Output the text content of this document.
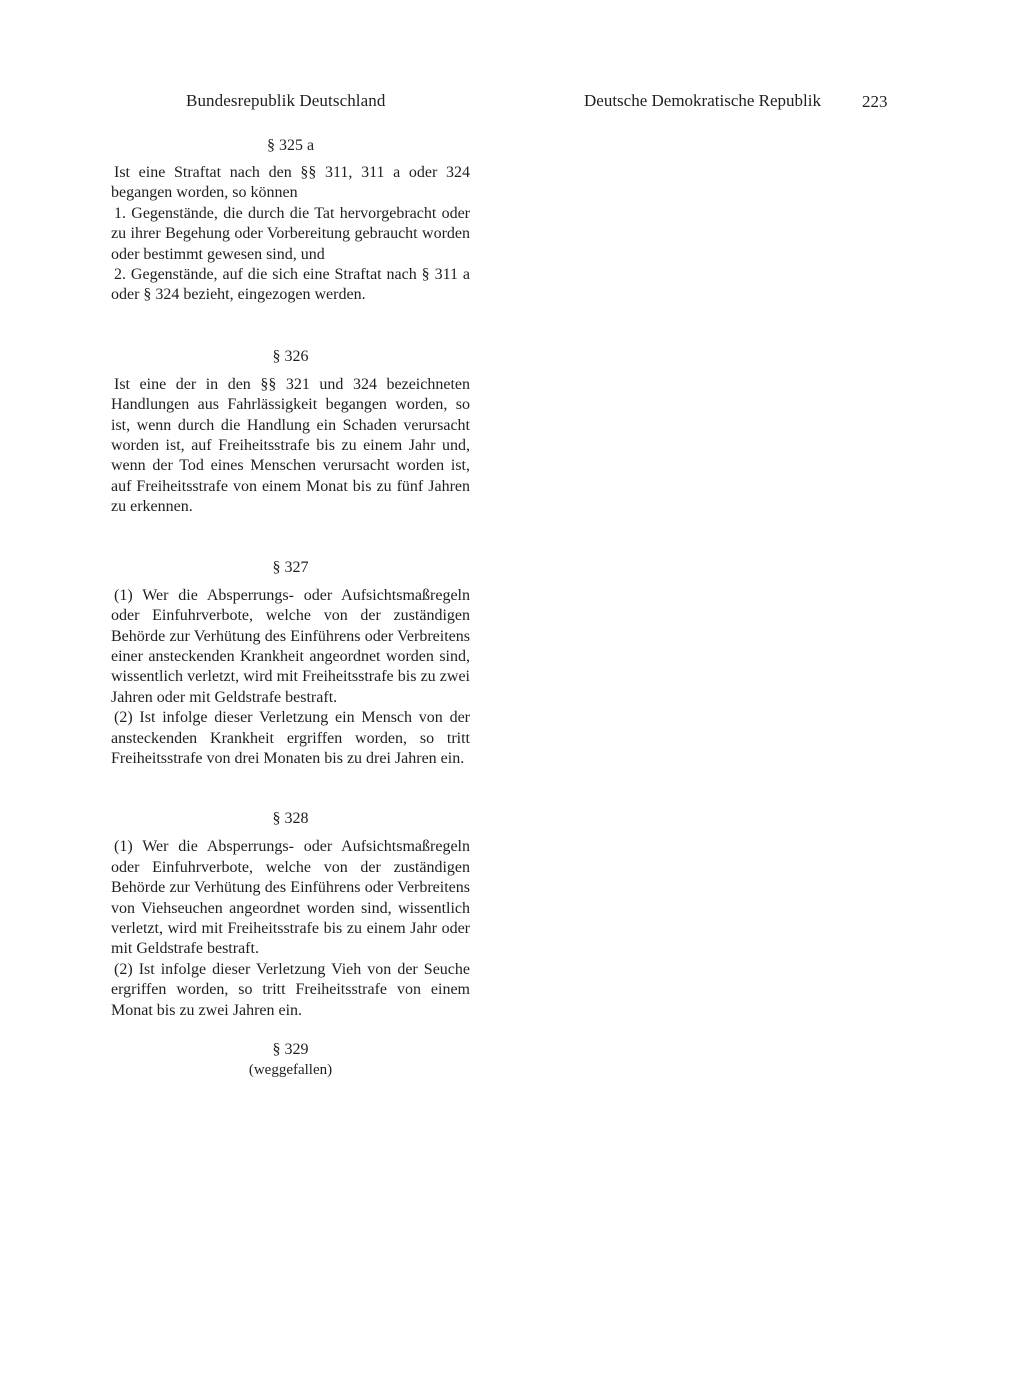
Bundesrepublik Deutschland	Deutsche Demokratische Republik 223

§ 325 a

Ist eine Straftat nach den §§ 311, 311 a oder 324 begangen worden, so können

1. Gegenstände, die durch die Tat hervorgebracht oder zu ihrer Begehung oder Vorbereitung gebraucht worden oder bestimmt gewesen sind, und

2. Gegenstände, auf die sich eine Straftat nach § 311 a oder § 324 bezieht, eingezogen werden.

§ 326

Ist eine der in den §§ 321 und 324 bezeichneten Handlungen aus Fahrlässigkeit begangen worden, so ist, wenn durch die Handlung ein Schaden verursacht worden ist, auf Freiheitsstrafe bis zu einem Jahr und, wenn der Tod eines Menschen verursacht worden ist, auf Freiheitsstrafe von einem Monat bis zu fünf Jahren zu erkennen.

§ 327

(1) Wer die Absperrungs- oder Aufsichtsmaßregeln oder Einfuhrverbote, welche von der zuständigen Behörde zur Verhütung des Einführens oder Verbreitens einer ansteckenden Krankheit angeordnet worden sind, wissentlich verletzt, wird mit Freiheitsstrafe bis zu zwei Jahren oder mit Geldstrafe bestraft.

(2) Ist infolge dieser Verletzung ein Mensch von der ansteckenden Krankheit ergriffen worden, so tritt Freiheitsstrafe von drei Monaten bis zu drei Jahren ein.

§ 328

(1) Wer die Absperrungs- oder Aufsichtsmaßregeln oder Einfuhrverbote, welche von der zuständigen Behörde zur Verhütung des Einführens oder Verbreitens von Viehseuchen angeordnet worden sind, wissentlich verletzt, wird mit Freiheitsstrafe bis zu einem Jahr oder mit Geldstrafe bestraft.

(2) Ist infolge dieser Verletzung Vieh von der Seuche ergriffen worden, so tritt Freiheitsstrafe von einem Monat bis zu zwei Jahren ein.

§ 329

(weggefallen)
